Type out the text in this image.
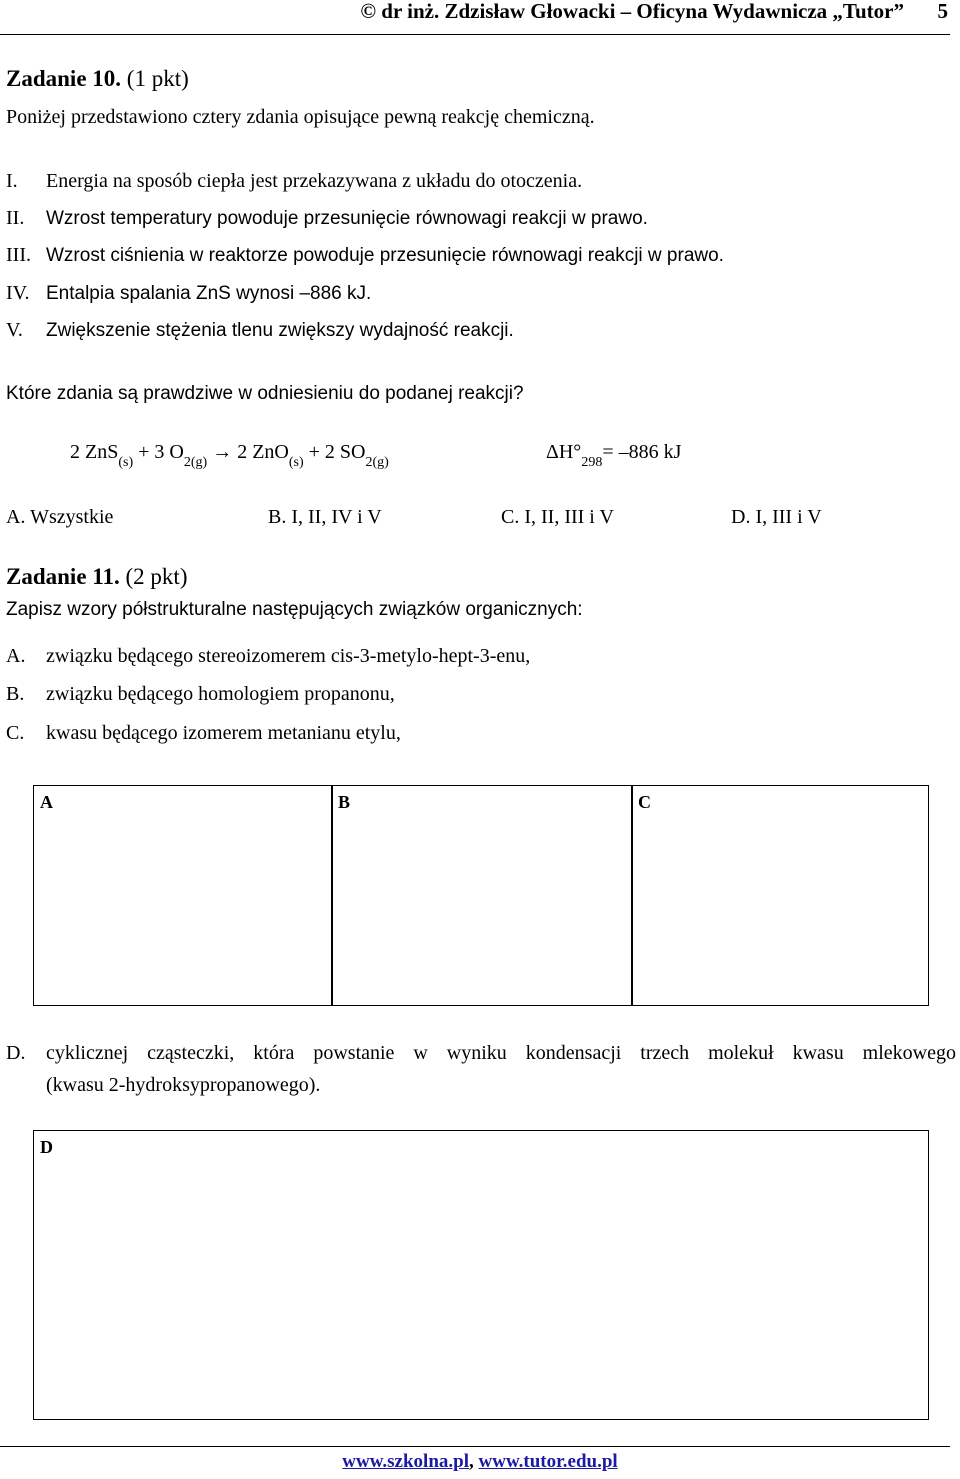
© dr inż. Zdzisław Głowacki – Oficyna Wydawnicza „Tutor” 5
Zadanie 10. (1 pkt)
Poniżej przedstawiono cztery zdania opisujące pewną reakcję chemiczną.
I. Energia na sposób ciepła jest przekazywana z układu do otoczenia.
II. Wzrost temperatury powoduje przesunięcie równowagi reakcji w prawo.
III. Wzrost ciśnienia w reaktorze powoduje przesunięcie równowagi reakcji w prawo.
IV. Entalpia spalania ZnS wynosi –886 kJ.
V. Zwiększenie stężenia tlenu zwiększy wydajność reakcji.
Które zdania są prawdziwe w odniesieniu do podanej reakcji?
2 ZnS$_{(s)}$ + 3 $O_{2(g)} \to 2$ ZnO$_{(s)}$ + 2 $SO_{2(g)}$	$\Delta H^\circ_{298}= -886$ kJ
A. Wszystkie	B. I, II, IV i V	C. I, II, III i V	D. I, III i V
Zadanie 11. (2 pkt)
Zapisz wzory półstrukturalne następujących związków organicznych:
A. związku będącego stereoizomerem cis-3-metylo-hept-3-enu,
B. związku będącego homologiem propanonu,
C. kwasu będącego izomerem metanianu etylu,
A	B	C
D. cyklicznej cząsteczki, która powstanie w wyniku kondensacji trzech molekuł kwasu mlekowego
(kwasu 2-hydroksypropanowego).
D
www.szkolna.pl, www.tutor.edu.pl
